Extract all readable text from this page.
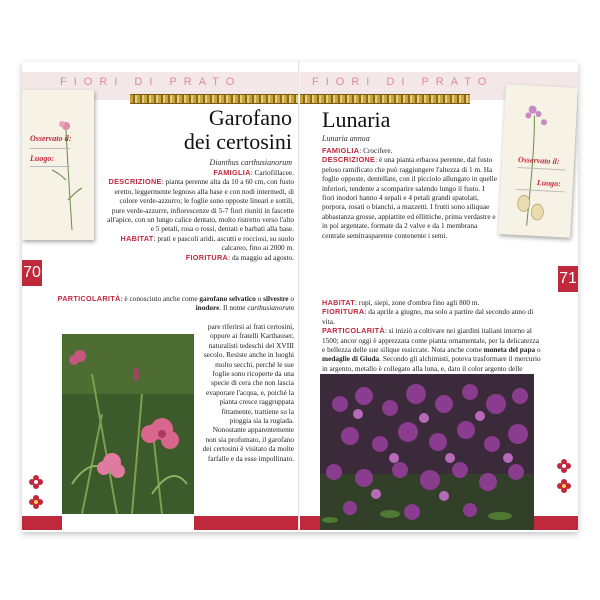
FIORI DI PRATO
Osservato il:
Luogo:
Garofano
dei certosini
Dianthus carthusianorum
FAMIGLIA: Cariofillacee.
DESCRIZIONE: pianta perenne alta da 10 a 60 cm, con fusto eretto, leggermente legnoso alla base e con nodi intermedi, di colore verde-azzurro; le foglie sono opposte lineari e sottili, pure verde-azzurre, infiorescenze di 5-7 fiori riuniti in fascette all'apice, con un lungo calice dentato, molto ristretto verso l'alto e 5 petali, rosa o rossi, dentati e barbati alla base.
HABITAT: prati e pascoli aridi, ascutti e rocciosi, su suolo calcareo, fino ai 2000 m.
FIORITURA: da maggio ad agosto.
70
PARTICOLARITÀ: è conosciuto anche come garofano selvatico o silvestre o inodore. Il nome carthusianorum
pare riferirsi ai frati certosini, oppure ai fratelli Karthauser, naturalisti tedeschi del XVIII secolo. Resiste anche in luoghi molto secchi, perché le sue foglie sono ricoperte da una specie di cera che non lascia evaporare l'acqua, e, poiché la pianta cresce raggruppata fittamente, trattiene su la pioggia sia la rugiada. Nonostante apparentemente non sia profumato, il garofano dei certosini è visitato da molte farfalle e da esse impollinato.
FIORI DI PRATO
Osservato il:
Luogo:
Lunaria
Lunaria annua
FAMIGLIA: Crocifere.
DESCRIZIONE: è una pianta erbacea perenne, dal fusto peloso ramificato che può raggiungere l'altezza di 1 m. Ha foglie opposte, dentellate, con il picciolo allungato in quelle inferiori, tendente a scomparire salendo lungo il fusto. I fiori inodori hanno 4 sepali e 4 petali grandi spatolati, porpora, rosati o bianchi, a mazzetti. I frutti sono siliquae abbastanza grosse, appiattite ed ellittiche, prima verdastre e in poi argentate, formate da 2 valve e da 1 membrana centrale semitrasparente contenente i semi.
HABITAT: rupi, siepi, zone d'ombra fino agli 800 m.
FIORITURA: da aprile a giugno, ma solo a partire dal secondo anno di vita.
PARTICOLARITÀ: si iniziò a coltivare nei giardini italiani intorno al 1500; ancor oggi è apprezzata come pianta ornamentale, per la delicatezza e bellezza delle sue silique essiccate. Nota anche come moneta del papa o medaglie di Giuda. Secondo gli alchimisti, poteva trasformare il mercurio in argento, metallo è collegato alla luna, e, dato il color argento delle
71
